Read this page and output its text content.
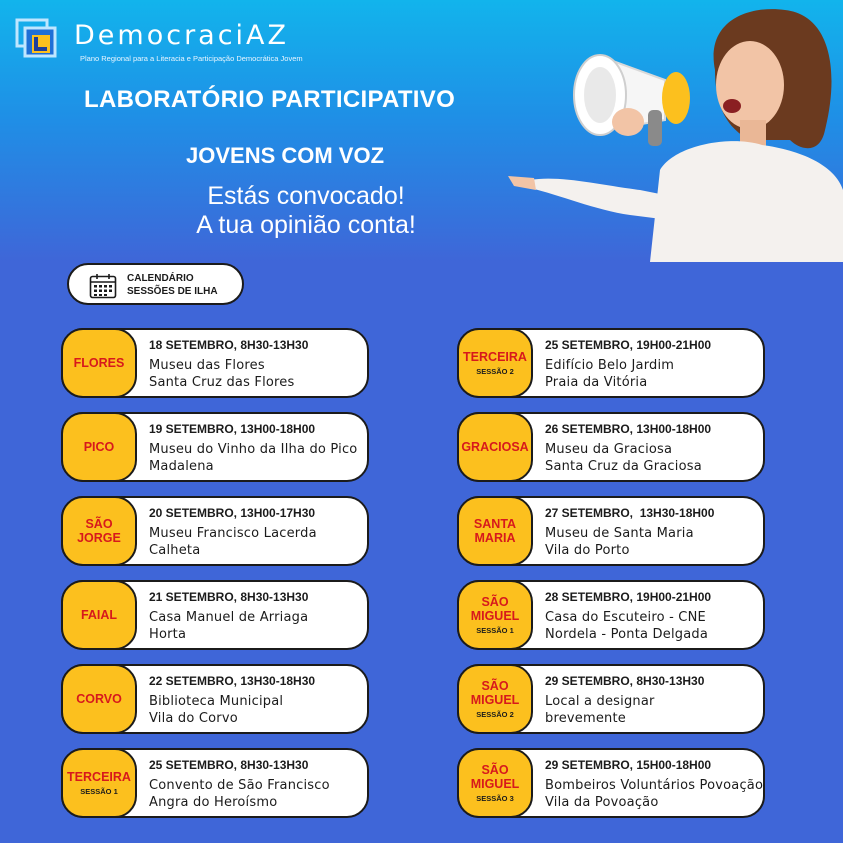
DemocraciAZ
Plano Regional para a Literacia e Participação Democrática Jovem
LABORATÓRIO PARTICIPATIVO
JOVENS COM VOZ
Estás convocado!
A tua opinião conta!
CALENDÁRIO
SESSÕES DE ILHA
FLORES
18 SETEMBRO, 8H30-13H30
Museu das Flores
Santa Cruz das Flores
PICO
19 SETEMBRO, 13H00-18H00
Museu do Vinho da Ilha do Pico
Madalena
SÃO JORGE
20 SETEMBRO, 13H00-17H30
Museu Francisco Lacerda
Calheta
FAIAL
21 SETEMBRO, 8H30-13H30
Casa Manuel de Arriaga
Horta
CORVO
22 SETEMBRO, 13H30-18H30
Biblioteca Municipal
Vila do Corvo
TERCEIRA
SESSÃO 1
25 SETEMBRO, 8H30-13H30
Convento de São Francisco
Angra do Heroísmo
TERCEIRA
SESSÃO 2
25 SETEMBRO, 19H00-21H00
Edifício Belo Jardim
Praia da Vitória
GRACIOSA
26 SETEMBRO, 13H00-18H00
Museu da Graciosa
Santa Cruz da Graciosa
SANTA MARIA
27 SETEMBRO,  13H30-18H00
Museu de Santa Maria
Vila do Porto
SÃO MIGUEL
SESSÃO 1
28 SETEMBRO, 19H00-21H00
Casa do Escuteiro - CNE
Nordela - Ponta Delgada
SÃO MIGUEL
SESSÃO 2
29 SETEMBRO, 8H30-13H30
Local a designar
brevemente
SÃO MIGUEL
SESSÃO 3
29 SETEMBRO, 15H00-18H00
Bombeiros Voluntários Povoação
Vila da Povoação
